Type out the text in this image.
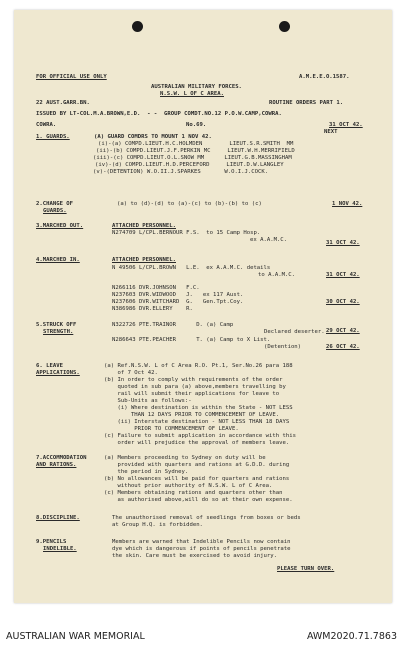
FOR OFFICIAL USE ONLY	A.M.E.E.O.1587.
AUSTRALIAN MILITARY FORCES.
N.S.W. L OF C AREA.
22 AUST.GARR.BN.	ROUTINE ORDERS PART 1.
ISSUED BY LT-COL.M.A.BROWN,E.D.  - -  GROUP COMDT.NO.12 P.O.W.CAMP,COWRA.
COWRA.	No.69.	31 OCT 42.
1. GUARDS.	(A) GUARD COMDRS TO MOUNT 1 NOV 42.
NEXT
(i)-(a) COMPD.LIEUT.H.C.HOLMDEN        LIEUT.S.R.SMITH  MM
(ii)-(b) COMPD.LIEUT.J.F.PERKIN MC     LIEUT.W.H.MERRIFIELD
(iii)-(c) COMPD.LIEUT.O.L.SNOW MM      LIEUT.G.B.MASSINGHAM
(iv)-(d) COMPD.LIEUT.H.D.PERCEFORD     LIEUT.D.W.LANGLEY
(v)-(DETENTION) W.O.II.J.SPARKES       W.O.I.J.COCK.
2.CHANGE OF
GUARDS.
(a) to (d)-(d) to (a)-(c) to (b)-(b) to (c)	1 NOV 42.
3.MARCHED OUT.	ATTACHED PERSONNEL.
N274709 L/CPL.BERNOUR F.S.  to 15 Camp Hosp.
ex A.A.M.C.	31 OCT 42.
4.MARCHED IN.	ATTACHED PERSONNEL.
N 49506 L/CPL.BROWN   L.E.  ex A.A.M.C. details
to A.A.M.C.	31 OCT 42.
N266116 DVR.JOHNSON   F.C.
N237603 DVR.WIDWOOD   J.   ex 117 Aust.
N237606 DVR.WITCHARD  G.   Gen.Tpt.Coy.
N386986 DVR.ELLERY    R.
30 OCT 42.
5.STRUCK OFF
STRENGTH.
N322726 PTE.TRAINOR      D. (a) Camp
Declared deserter. 29 OCT 42.
N286643 PTE.PEACHER      T. (a) Camp to X List.
(Detention)	26 OCT 42.
6. LEAVE
APPLICATIONS.
(a) Ref.N.S.W. L of C Area R.O. Pt.1, Ser.No.26 para 188
of 7 Oct 42.
(b) In order to comply with requirements of the order
quoted in sub para (a) above,members travelling by
rail will submit their applications for leave to
Sub-Units as follows:-
(i) Where destination is within the State - NOT LESS
THAN 12 DAYS PRIOR TO COMMENCEMENT OF LEAVE.
(ii) Interstate destination - NOT LESS THAN 18 DAYS
PRIOR TO COMMENCEMENT OF LEAVE.
(c) Failure to submit application in accordance with this
order will prejudice the approval of members leave.
7.ACCOMMODATION
AND RATIONS.
(a) Members proceeding to Sydney on duty will be
provided with quarters and rations at G.D.D. during
the period in Sydney.
(b) No allowances will be paid for quarters and rations
without prior authority of N.S.W. L of C Area.
(c) Members obtaining rations and quarters other than
as authorised above,will do so at their own expense.
8.DISCIPLINE.	The unauthorised removal of seedlings from boxes or beds
at Group H.Q. is forbidden.
9.PENCILS
INDELIBLE.
Members are warned that Indelible Pencils now contain
dye which is dangerous if points of pencils penetrate
the skin. Care must be exercised to avoid injury.
PLEASE TURN OVER.
AUSTRALIAN WAR MEMORIAL	AWM2020.71.7863
